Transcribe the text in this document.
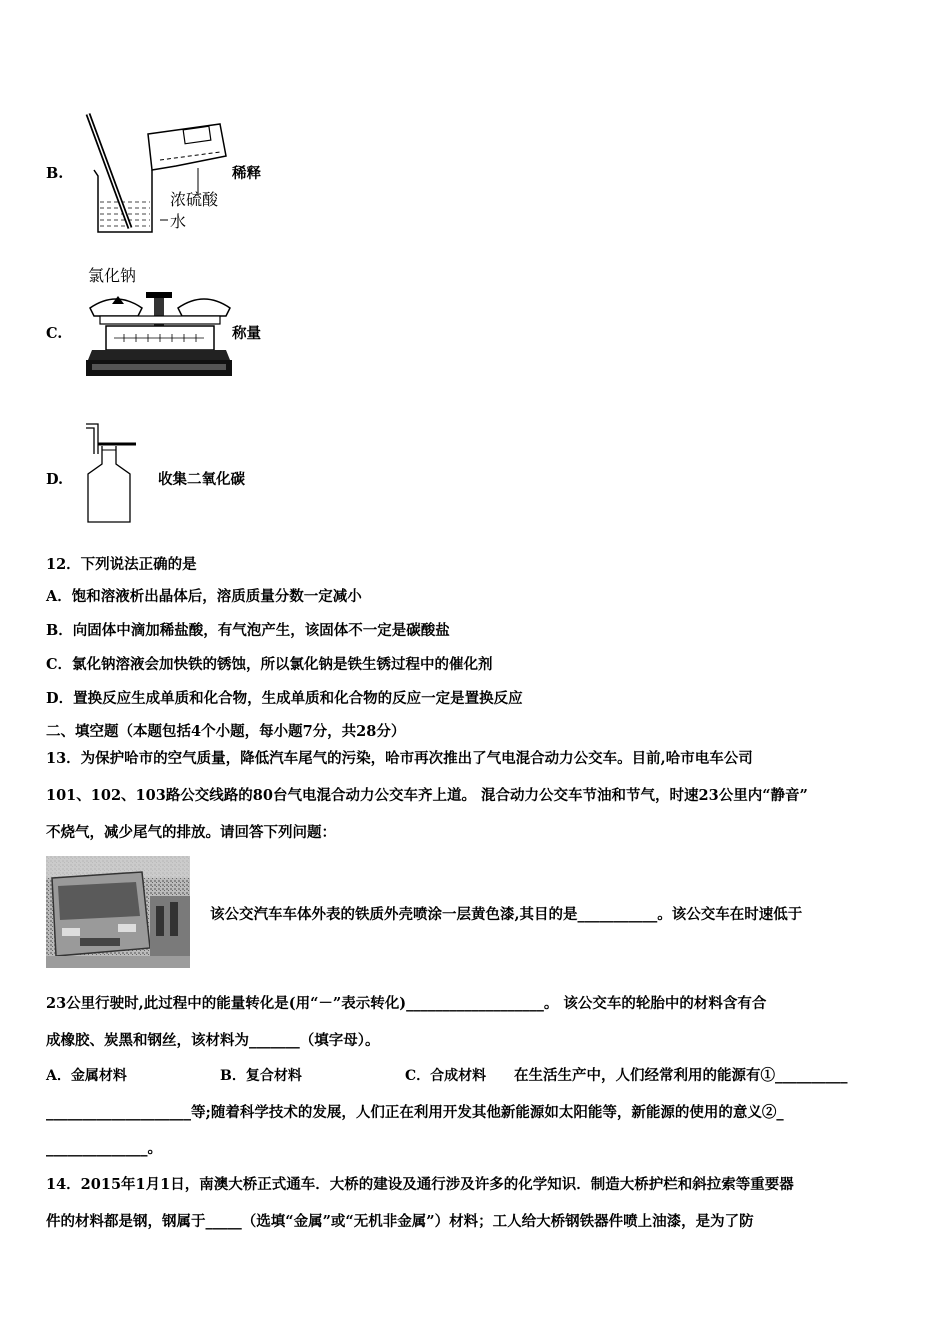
B.
浓硫酸
水
稀释
C.
氯化钠
称量
D.	收集二氧化碳
12．下列说法正确的是
A．饱和溶液析出晶体后，溶质质量分数一定减小
B．向固体中滴加稀盐酸，有气泡产生，该固体不一定是碳酸盐
C．氯化钠溶液会加快铁的锈蚀，所以氯化钠是铁生锈过程中的催化剂
D．置换反应生成单质和化合物，生成单质和化合物的反应一定是置换反应
二、填空题（本题包括4个小题，每小题7分，共28分）
13．为保护哈市的空气质量，降低汽车尾气的污染，哈市再次推出了气电混合动力公交车。目前,哈市电车公司
101、102、103路公交线路的80台气电混合动力公交车齐上道。 混合动力公交车节油和节气，时速23公里内“静音”
不烧气，减少尾气的排放。请回答下列问题：
该公交汽车车体外表的铁质外壳喷涂一层黄色漆,其目的是___________。该公交车在时速低于
23公里行驶时,此过程中的能量转化是(用“－”表示转化)___________________。 该公交车的轮胎中的材料含有合
成橡胶、炭黑和钢丝，该材料为_______（填字母）。
A．金属材料	B．复合材料	C．合成材料 在生活生产中，人们经常利用的能源有①__________
____________________等;随着科学技术的发展，人们正在利用开发其他新能源如太阳能等，新能源的使用的意义②_
______________。
14．2015年1月1日，南澳大桥正式通车．大桥的建设及通行涉及许多的化学知识．制造大桥护栏和斜拉索等重要器
件的材料都是钢，钢属于_____（选填“金属”或“无机非金属”）材料；工人给大桥钢铁器件喷上油漆，是为了防
